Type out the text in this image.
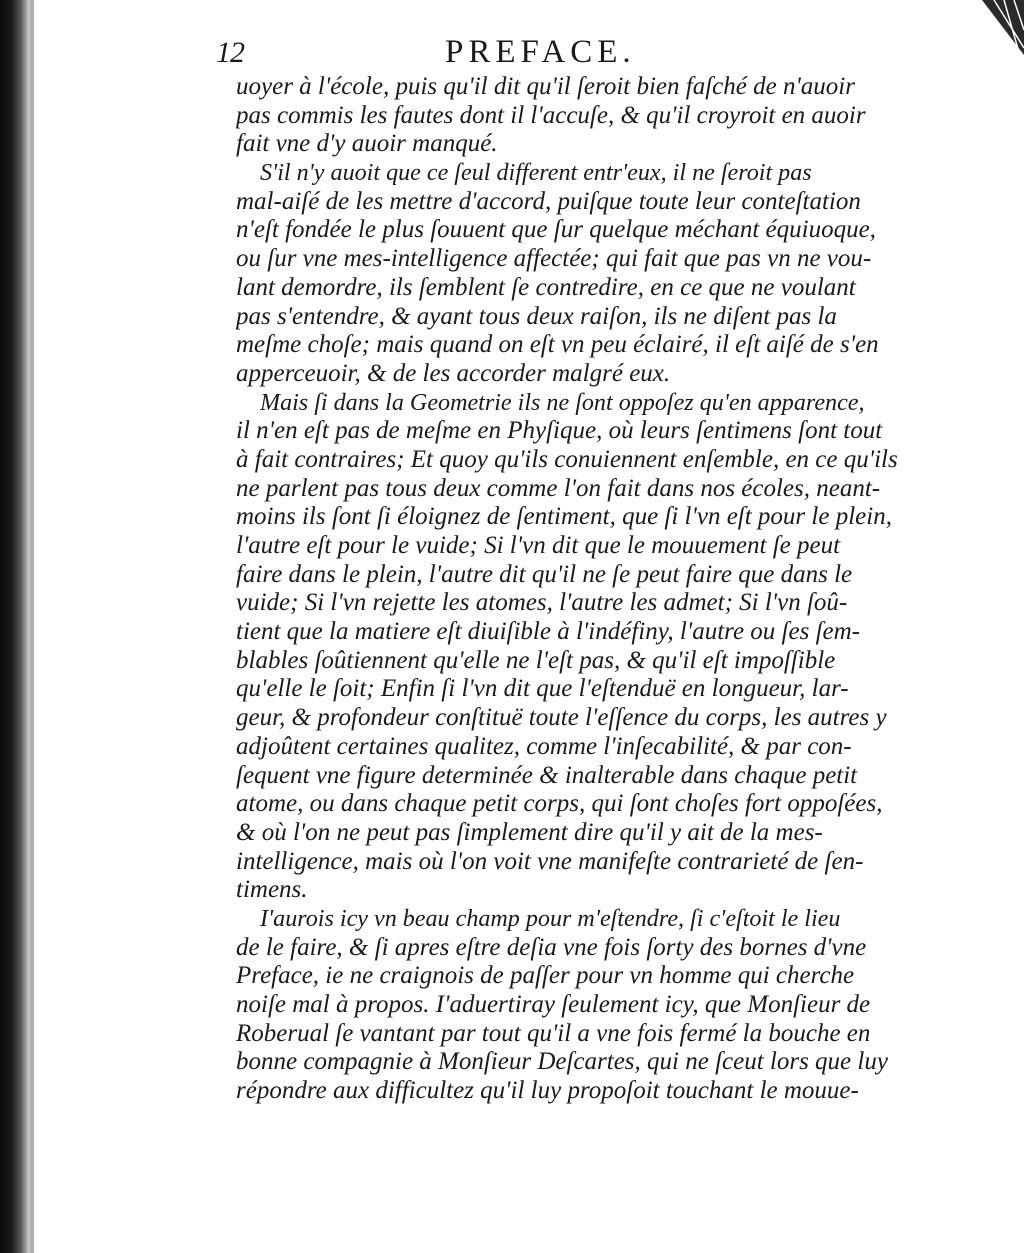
12	PREFACE.
uoyer à l'école, puis qu'il dit qu'il ſeroit bien faſché de n'auoir
pas commis les fautes dont il l'accuſe, & qu'il croyroit en auoir
fait vne d'y auoir manqué.
S'il n'y auoit que ce ſeul different entr'eux, il ne ſeroit pas
mal-aiſé de les mettre d'accord, puiſque toute leur conteſtation
n'eſt fondée le plus ſouuent que ſur quelque méchant équiuoque,
ou ſur vne mes-intelligence affectée; qui fait que pas vn ne vou-
lant demordre, ils ſemblent ſe contredire, en ce que ne voulant
pas s'entendre, & ayant tous deux raiſon, ils ne diſent pas la
meſme choſe; mais quand on eſt vn peu éclairé, il eſt aiſé de s'en
apperceuoir, & de les accorder malgré eux.
Mais ſi dans la Geometrie ils ne ſont oppoſez qu'en apparence,
il n'en eſt pas de meſme en Phyſique, où leurs ſentimens ſont tout
à fait contraires; Et quoy qu'ils conuiennent enſemble, en ce qu'ils
ne parlent pas tous deux comme l'on fait dans nos écoles, neant-
moins ils ſont ſi éloignez de ſentiment, que ſi l'vn eſt pour le plein,
l'autre eſt pour le vuide; Si l'vn dit que le mouuement ſe peut
faire dans le plein, l'autre dit qu'il ne ſe peut faire que dans le
vuide; Si l'vn rejette les atomes, l'autre les admet; Si l'vn ſoû-
tient que la matiere eſt diuiſible à l'indéfiny, l'autre ou ſes ſem-
blables ſoûtiennent qu'elle ne l'eſt pas, & qu'il eſt impoſſible
qu'elle le ſoit; Enfin ſi l'vn dit que l'eſtenduë en longueur, lar-
geur, & profondeur conſtituë toute l'eſſence du corps, les autres y
adjoûtent certaines qualitez, comme l'inſecabilité, & par con-
ſequent vne figure determinée & inalterable dans chaque petit
atome, ou dans chaque petit corps, qui ſont choſes fort oppoſées,
& où l'on ne peut pas ſimplement dire qu'il y ait de la mes-
intelligence, mais où l'on voit vne manifeſte contrarieté de ſen-
timens.
I'aurois icy vn beau champ pour m'eſtendre, ſi c'eſtoit le lieu
de le faire, & ſi apres eſtre deſia vne fois ſorty des bornes d'vne
Preface, ie ne craignois de paſſer pour vn homme qui cherche
noiſe mal à propos. I'aduertiray ſeulement icy, que Monſieur de
Roberual ſe vantant par tout qu'il a vne fois fermé la bouche en
bonne compagnie à Monſieur Deſcartes, qui ne ſceut lors que luy
répondre aux difficultez qu'il luy propoſoit touchant le mouue-
